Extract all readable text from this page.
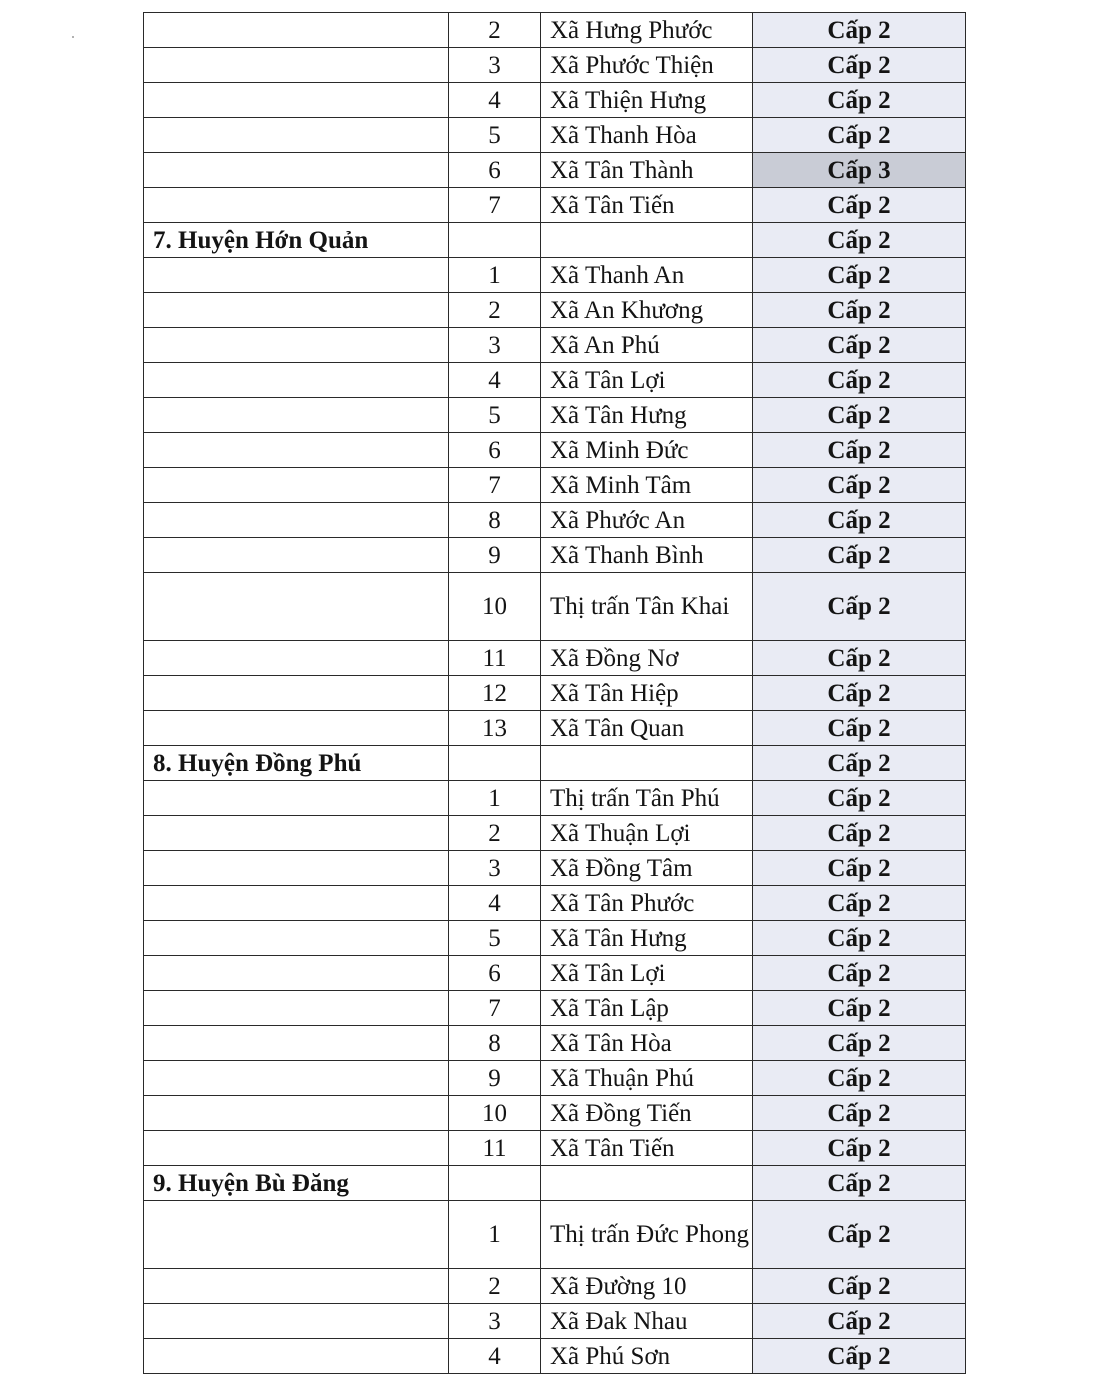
	2	Xã Hưng Phước	Cấp 2
	3	Xã Phước Thiện	Cấp 2
	4	Xã Thiện Hưng	Cấp 2
	5	Xã Thanh Hòa	Cấp 2
	6	Xã Tân Thành	Cấp 3
	7	Xã Tân Tiến	Cấp 2
7. Huyện Hớn Quản			Cấp 2
	1	Xã Thanh An	Cấp 2
	2	Xã An Khương	Cấp 2
	3	Xã An Phú	Cấp 2
	4	Xã Tân Lợi	Cấp 2
	5	Xã Tân Hưng	Cấp 2
	6	Xã Minh Đức	Cấp 2
	7	Xã Minh Tâm	Cấp 2
	8	Xã Phước An	Cấp 2
	9	Xã Thanh Bình	Cấp 2
	10	Thị trấn Tân Khai	Cấp 2
	11	Xã Đồng Nơ	Cấp 2
	12	Xã Tân Hiệp	Cấp 2
	13	Xã Tân Quan	Cấp 2
8. Huyện Đồng Phú			Cấp 2
	1	Thị trấn Tân Phú	Cấp 2
	2	Xã Thuận Lợi	Cấp 2
	3	Xã Đồng Tâm	Cấp 2
	4	Xã Tân Phước	Cấp 2
	5	Xã Tân Hưng	Cấp 2
	6	Xã Tân Lợi	Cấp 2
	7	Xã Tân Lập	Cấp 2
	8	Xã Tân Hòa	Cấp 2
	9	Xã Thuận Phú	Cấp 2
	10	Xã Đồng Tiến	Cấp 2
	11	Xã Tân Tiến	Cấp 2
9. Huyện Bù Đăng			Cấp 2
	1	Thị trấn Đức Phong	Cấp 2
	2	Xã Đường 10	Cấp 2
	3	Xã Đak Nhau	Cấp 2
	4	Xã Phú Sơn	Cấp 2
